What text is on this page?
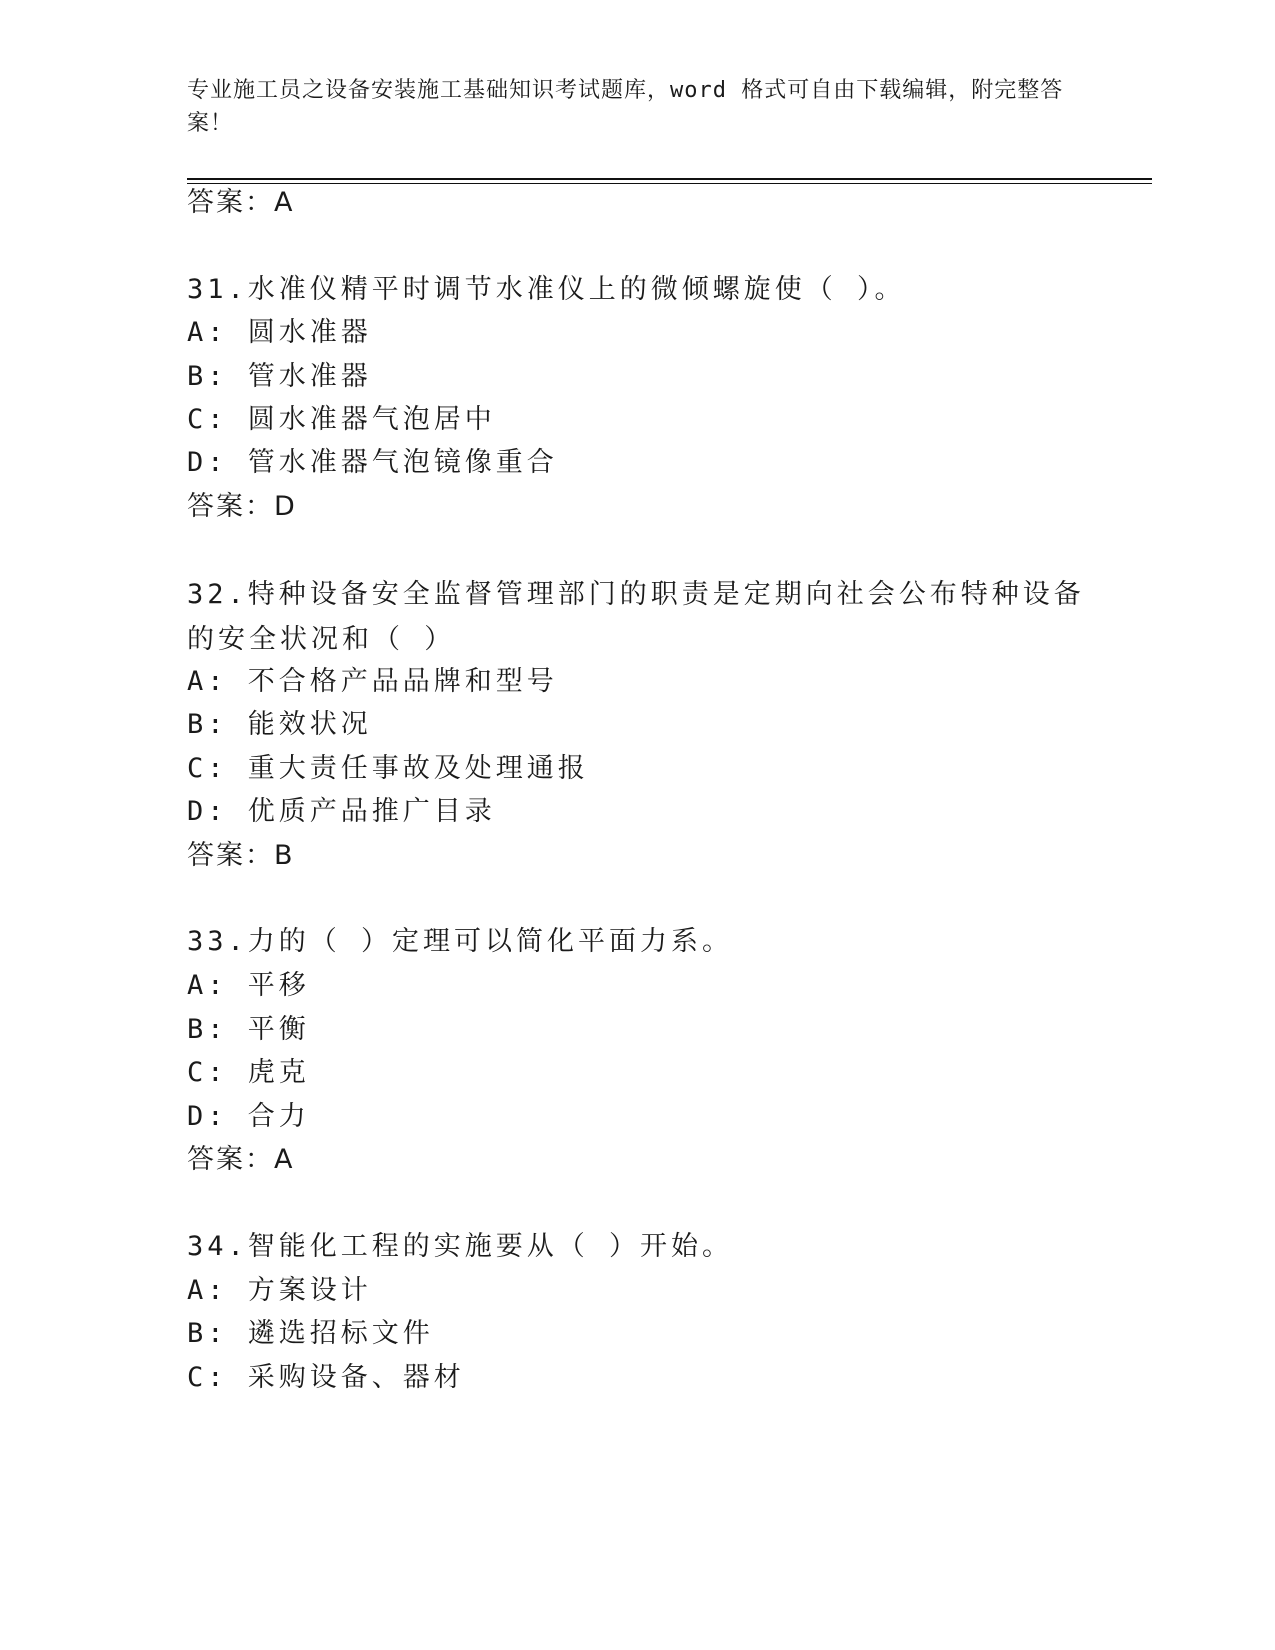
专业施工员之设备安装施工基础知识考试题库，word 格式可自由下载编辑，附完整答案！
答案：A
31.水准仪精平时调节水准仪上的微倾螺旋使（ ）。
A: 圆水准器
B: 管水准器
C: 圆水准器气泡居中
D: 管水准器气泡镜像重合
答案：D
32.特种设备安全监督管理部门的职责是定期向社会公布特种设备的安全状况和（ ）
A: 不合格产品品牌和型号
B: 能效状况
C: 重大责任事故及处理通报
D: 优质产品推广目录
答案：B
33.力的（ ）定理可以简化平面力系。
A: 平移
B: 平衡
C: 虎克
D: 合力
答案：A
34.智能化工程的实施要从（ ）开始。
A: 方案设计
B: 遴选招标文件
C: 采购设备、器材
